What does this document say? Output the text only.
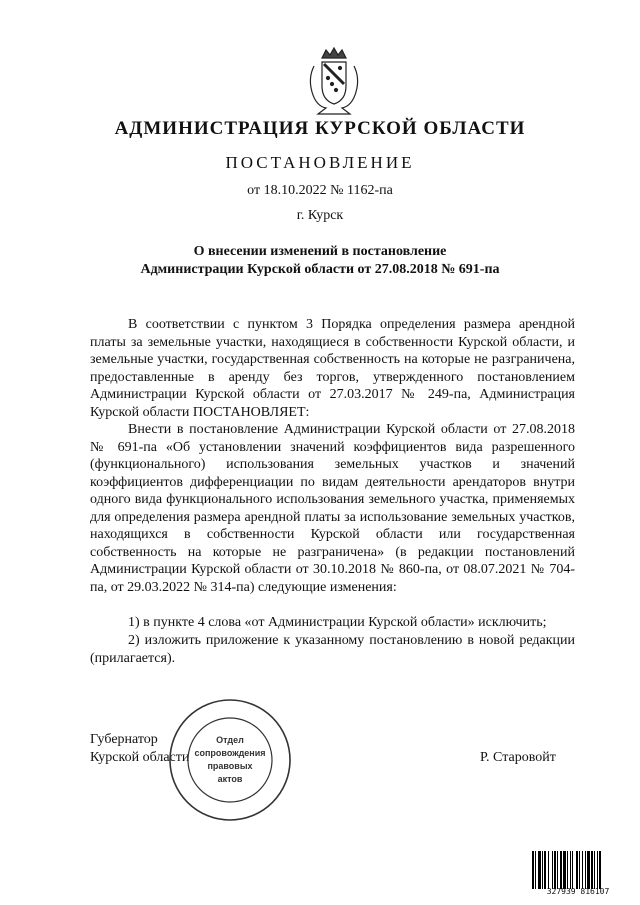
АДМИНИСТРАЦИЯ КУРСКОЙ ОБЛАСТИ
ПОСТАНОВЛЕНИЕ
от 18.10.2022 № 1162-па
г. Курск
О внесении изменений в постановление
Администрации Курской области от 27.08.2018 № 691-па
В соответствии с пунктом 3 Порядка определения размера арендной платы за земельные участки, находящиеся в собственности Курской области, и земельные участки, государственная собственность на которые не разграничена, предоставленные в аренду без торгов, утвержденного постановлением Администрации Курской области от 27.03.2017 № 249-па, Администрация Курской области ПОСТАНОВЛЯЕТ:
Внести в постановление Администрации Курской области от 27.08.2018 № 691-па «Об установлении значений коэффициентов вида разрешенного (функционального) использования земельных участков и значений коэффициентов дифференциации по видам деятельности арендаторов внутри одного вида функционального использования земельного участка, применяемых для определения размера арендной платы за использование земельных участков, находящихся в собственности Курской области или государственная собственность на которые не разграничена» (в редакции постановлений Администрации Курской области от 30.10.2018 № 860-па, от 08.07.2021 № 704-па, от 29.03.2022 № 314-па) следующие изменения:
1) в пункте 4 слова «от Администрации Курской области» исключить;
2) изложить приложение к указанному постановлению в новой редакции (прилагается).
Губернатор
Курской области	Р. Старовойт
Отдел
сопровождения
правовых
актов
327939 816107
